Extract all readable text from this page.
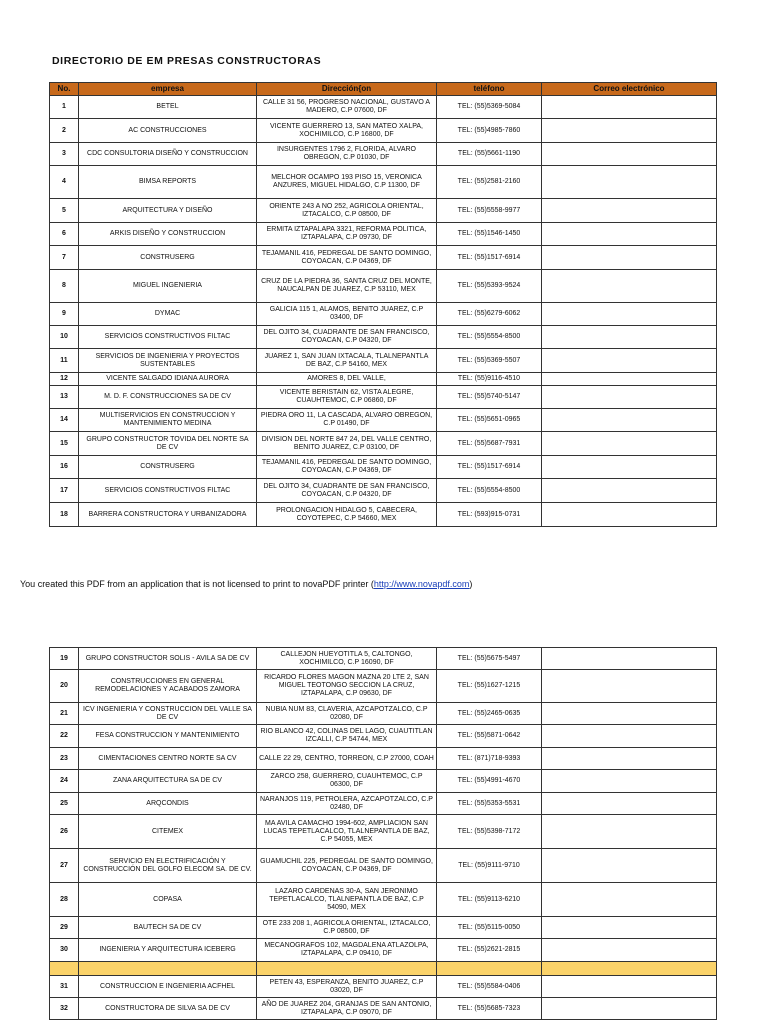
DIRECTORIO DE EM PRESAS CONSTRUCTORAS
No.	empresa	Dirección{on	teléfono	Correo electrónico
1	BETEL	CALLE 31 56, PROGRESO NACIONAL, GUSTAVO A MADERO, C.P 07600, DF	TEL: (55)5369-5084	
2	AC CONSTRUCCIONES	VICENTE GUERRERO 13, SAN MATEO XALPA, XOCHIMILCO, C.P 16800, DF	TEL: (55)4985-7860	
3	CDC CONSULTORIA DISEÑO Y CONSTRUCCION	INSURGENTES 1796 2, FLORIDA, ALVARO OBREGON, C.P 01030, DF	TEL: (55)5661-1190	
4	BIMSA REPORTS	MELCHOR OCAMPO 193 PISO 15, VERONICA ANZURES, MIGUEL HIDALGO, C.P 11300, DF	TEL: (55)2581-2160	
5	ARQUITECTURA Y DISEÑO	ORIENTE 243 A NO 252, AGRICOLA ORIENTAL, IZTACALCO, C.P 08500, DF	TEL: (55)5558-9977	
6	ARKIS DISEÑO Y CONSTRUCCION	ERMITA IZTAPALAPA 3321, REFORMA POLITICA, IZTAPALAPA, C.P 09730, DF	TEL: (55)1546-1450	
7	CONSTRUSERG	TEJAMANIL 416, PEDREGAL DE SANTO DOMINGO, COYOACAN, C.P 04369, DF	TEL: (55)1517-6914	
8	MIGUEL INGENIERIA	CRUZ DE LA PIEDRA 36, SANTA CRUZ DEL MONTE, NAUCALPAN DE JUAREZ, C.P 53110, MEX	TEL: (55)5393-9524	
9	DYMAC	GALICIA 115 1, ALAMOS, BENITO JUAREZ, C.P 03400, DF	TEL: (55)6279-6062	
10	SERVICIOS CONSTRUCTIVOS FILTAC	DEL OJITO 34, CUADRANTE DE SAN FRANCISCO, COYOACAN, C.P 04320, DF	TEL: (55)5554-8500	
11	SERVICIOS DE INGENIERIA Y PROYECTOS SUSTENTABLES	JUAREZ 1, SAN JUAN IXTACALA, TLALNEPANTLA DE BAZ, C.P 54160, MEX	TEL: (55)5369-5507	
12	VICENTE SALGADO IDIANA AURORA	AMORES 8, DEL VALLE,	TEL: (55)9116-4510	
13	M. D. F. CONSTRUCCIONES SA DE CV	VICENTE BERISTAIN 62, VISTA ALEGRE, CUAUHTEMOC, C.P 06860, DF	TEL: (55)5740-5147	
14	MULTISERVICIOS EN CONSTRUCCION Y MANTENIMIENTO MEDINA	PIEDRA ORO 11, LA CASCADA, ALVARO OBREGON, C.P 01490, DF	TEL: (55)5651-0965	
15	GRUPO CONSTRUCTOR TOVIDA DEL NORTE SA DE CV	DIVISION DEL NORTE 847 24, DEL VALLE CENTRO, BENITO JUAREZ, C.P 03100, DF	TEL: (55)5687-7931	
16	CONSTRUSERG	TEJAMANIL 416, PEDREGAL DE SANTO DOMINGO, COYOACAN, C.P 04369, DF	TEL: (55)1517-6914	
17	SERVICIOS CONSTRUCTIVOS FILTAC	DEL OJITO 34, CUADRANTE DE SAN FRANCISCO, COYOACAN, C.P 04320, DF	TEL: (55)5554-8500	
18	BARRERA CONSTRUCTORA Y URBANIZADORA	PROLONGACION HIDALGO 5, CABECERA, COYOTEPEC, C.P 54660, MEX	TEL: (593)915-0731	

You created this PDF from an application that is not licensed to print to novaPDF printer (http://www.novapdf.com)

19	GRUPO CONSTRUCTOR SOLIS - AVILA SA DE CV	CALLEJON HUEYOTITLA 5, CALTONGO, XOCHIMILCO, C.P 16090, DF	TEL: (55)5675-5497	
20	CONSTRUCCIONES EN GENERAL REMODELACIONES Y ACABADOS ZAMORA	RICARDO FLORES MAGON MAZNA 20 LTE 2, SAN MIGUEL TEOTONGO SECCION LA CRUZ, IZTAPALAPA, C.P 09630, DF	TEL: (55)1627-1215	
21	ICV INGENIERIA Y CONSTRUCCION DEL VALLE SA DE CV	NUBIA NUM 83, CLAVERIA, AZCAPOTZALCO, C.P 02080, DF	TEL: (55)2465-0635	
22	FESA CONSTRUCCION Y MANTENIMIENTO	RIO BLANCO 42, COLINAS DEL LAGO, CUAUTITLAN IZCALLI, C.P 54744, MEX	TEL: (55)5871-0642	
23	CIMENTACIONES CENTRO NORTE SA CV	CALLE 22 29, CENTRO, TORREON, C.P 27000, COAH	TEL: (871)718-9393	
24	ZANA ARQUITECTURA SA DE CV	ZARCO 258, GUERRERO, CUAUHTEMOC, C.P 06300, DF	TEL: (55)4991-4670	
25	ARQCONDIS	NARANJOS 119, PETROLERA, AZCAPOTZALCO, C.P 02480, DF	TEL: (55)5353-5531	
26	CITEMEX	MA AVILA CAMACHO 1994-602, AMPLIACION SAN LUCAS TEPETLACALCO, TLALNEPANTLA DE BAZ, C.P 54055, MEX	TEL: (55)5398-7172	
27	SERVICIO EN ELECTRIFICACIÓN Y CONSTRUCCIÓN DEL GOLFO ELECOM SA. DE CV.	GUAMUCHIL 225, PEDREGAL DE SANTO DOMINGO, COYOACAN, C.P 04369, DF	TEL: (55)9111-9710	
28	COPASA	LAZARO CARDENAS 30-A, SAN JERONIMO TEPETLACALCO, TLALNEPANTLA DE BAZ, C.P 54090, MEX	TEL: (55)9113-6210	
29	BAUTECH SA DE CV	OTE 233 208 1, AGRICOLA ORIENTAL, IZTACALCO, C.P 08500, DF	TEL: (55)5115-0050	
30	INGENIERIA Y ARQUITECTURA ICEBERG	MECANOGRAFOS 102, MAGDALENA ATLAZOLPA, IZTAPALAPA, C.P 09410, DF	TEL: (55)2621-2815	

31	CONSTRUCCION E INGENIERIA ACFHEL	PETEN 43, ESPERANZA, BENITO JUAREZ, C.P 03020, DF	TEL: (55)5584-0406	
32	CONSTRUCTORA DE SILVA SA DE CV	AÑO DE JUAREZ 204, GRANJAS DE SAN ANTONIO, IZTAPALAPA, C.P 09070, DF	TEL: (55)5685-7323	
